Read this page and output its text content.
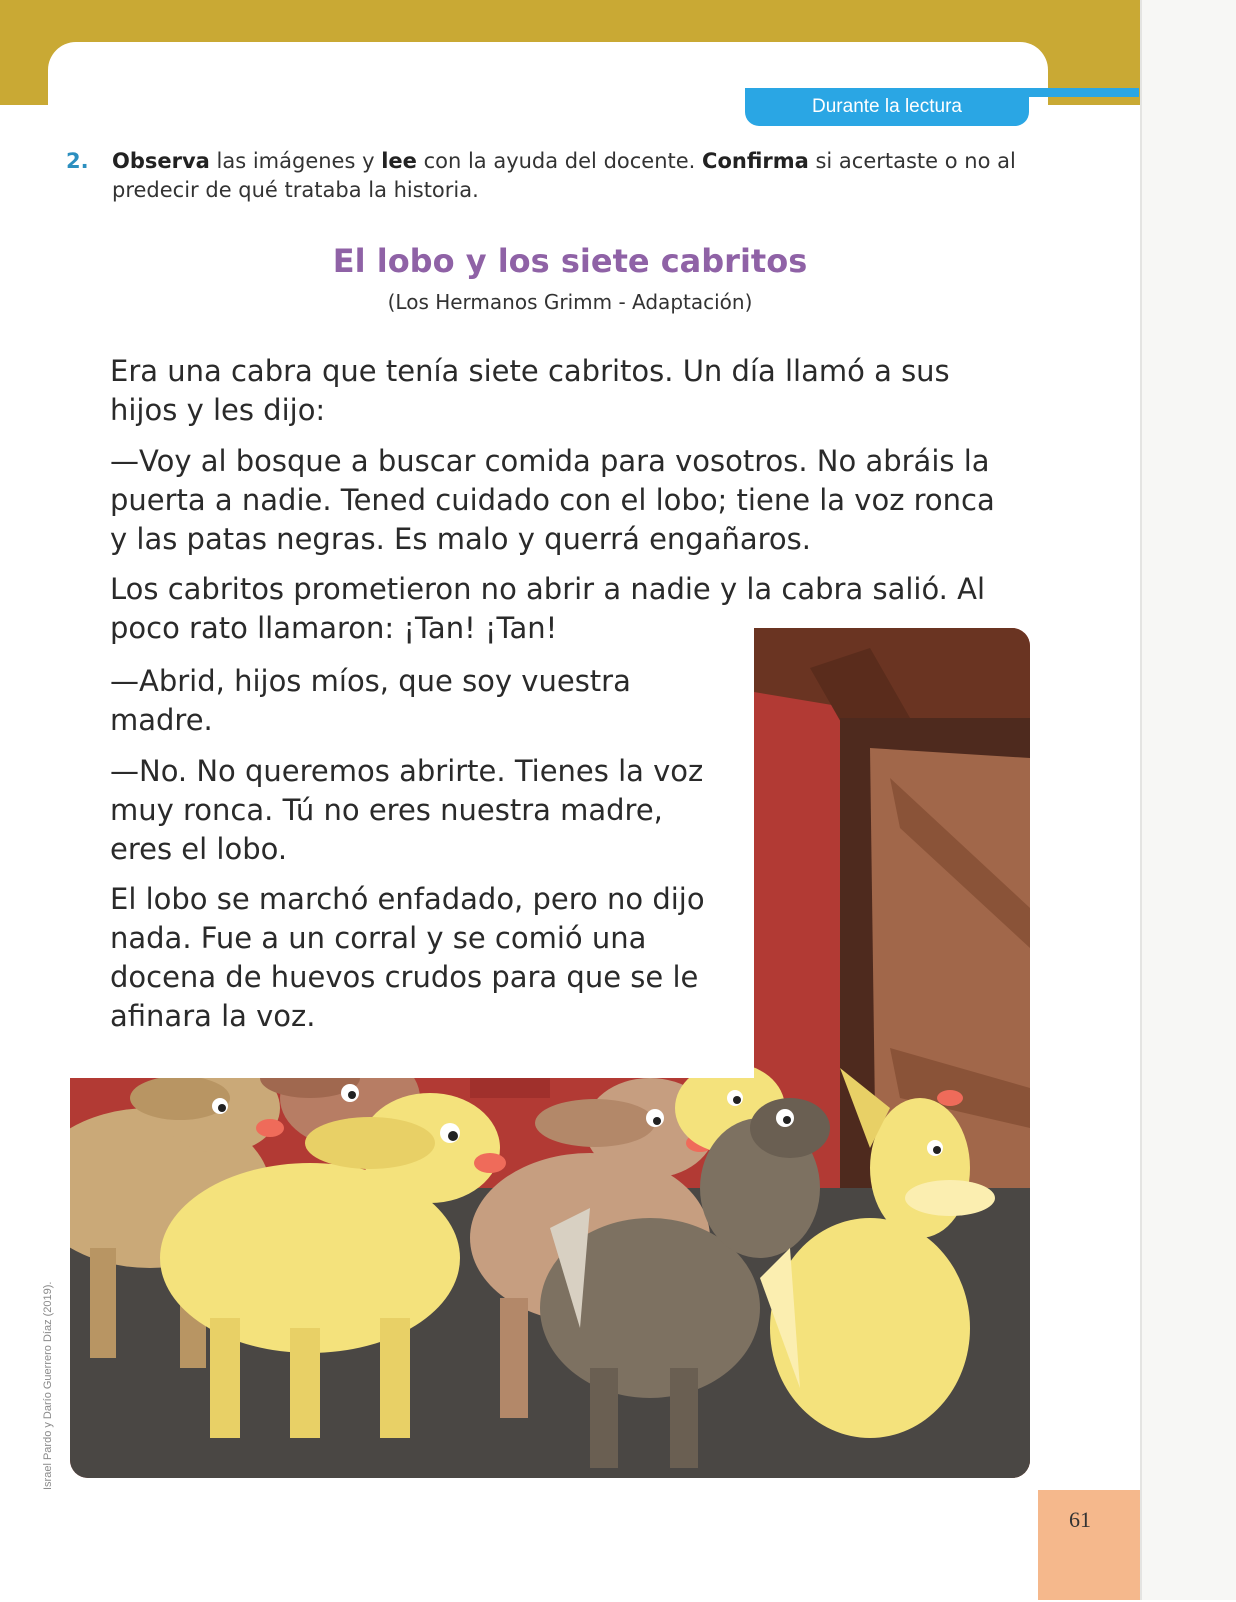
Durante la lectura
2. Observa las imágenes y lee con la ayuda del docente. Confirma si acertaste o no al predecir de qué trataba la historia.
El lobo y los siete cabritos
(Los Hermanos Grimm - Adaptación)

Era una cabra que tenía siete cabritos. Un día llamó a sus hijos y les dijo:

—Voy al bosque a buscar comida para vosotros. No abráis la puerta a nadie. Tened cuidado con el lobo; tiene la voz ronca y las patas negras. Es malo y querrá engañaros.

Los cabritos prometieron no abrir a nadie y la cabra salió. Al poco rato llamaron: ¡Tan! ¡Tan!

—Abrid, hijos míos, que soy vuestra madre.

—No. No queremos abrirte. Tienes la voz muy ronca. Tú no eres nuestra madre, eres el lobo.

El lobo se marchó enfadado, pero no dijo nada. Fue a un corral y se comió una docena de huevos crudos para que se le afinara la voz.

Israel Pardo y Darío Guerrero Díaz (2019).
61
